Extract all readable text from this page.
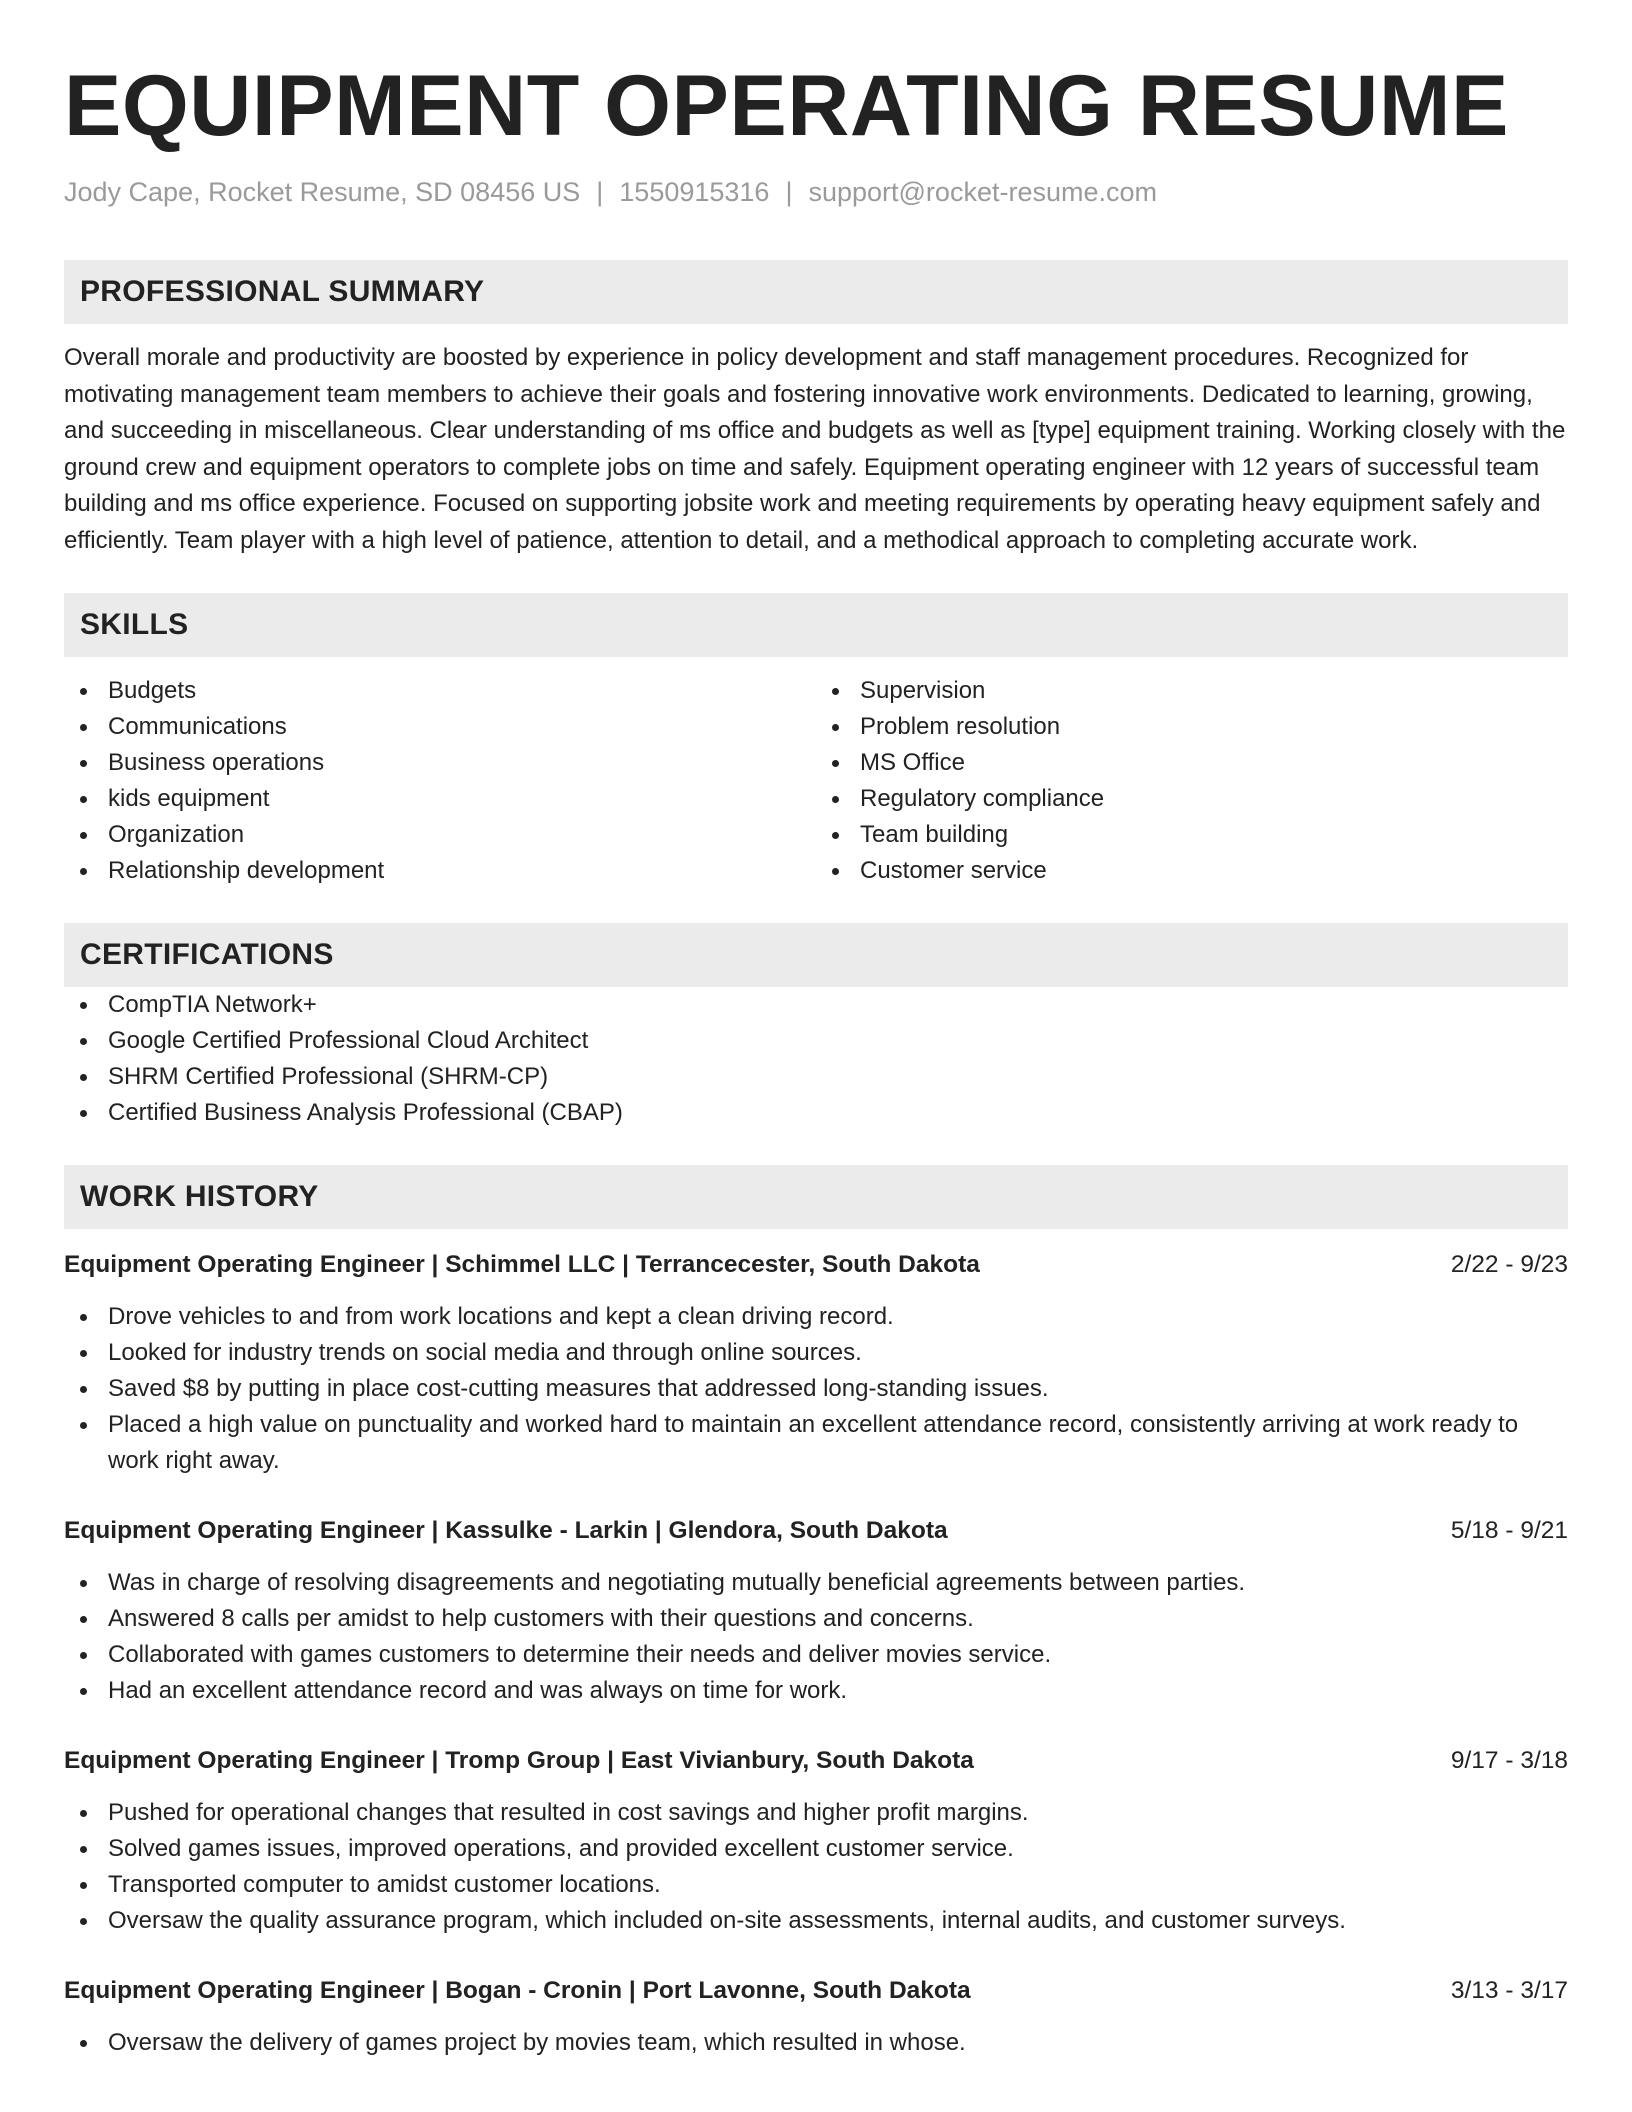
EQUIPMENT OPERATING RESUME
Jody Cape, Rocket Resume, SD 08456 US | 1550915316 | support@rocket-resume.com
PROFESSIONAL SUMMARY

Overall morale and productivity are boosted by experience in policy development and staff management procedures. Recognized for motivating management team members to achieve their goals and fostering innovative work environments. Dedicated to learning, growing, and succeeding in miscellaneous. Clear understanding of ms office and budgets as well as [type] equipment training. Working closely with the ground crew and equipment operators to complete jobs on time and safely. Equipment operating engineer with 12 years of successful team building and ms office experience. Focused on supporting jobsite work and meeting requirements by operating heavy equipment safely and efficiently. Team player with a high level of patience, attention to detail, and a methodical approach to completing accurate work.

SKILLS
Budgets
Communications
Business operations
kids equipment
Organization
Relationship development
Supervision
Problem resolution
MS Office
Regulatory compliance
Team building
Customer service
CERTIFICATIONS
CompTIA Network+
Google Certified Professional Cloud Architect
SHRM Certified Professional (SHRM-CP)
Certified Business Analysis Professional (CBAP)
WORK HISTORY
Equipment Operating Engineer | Schimmel LLC | Terrancecester, South Dakota	2/22 - 9/23
Drove vehicles to and from work locations and kept a clean driving record.
Looked for industry trends on social media and through online sources.
Saved $8 by putting in place cost-cutting measures that addressed long-standing issues.
Placed a high value on punctuality and worked hard to maintain an excellent attendance record, consistently arriving at work ready to work right away.
Equipment Operating Engineer | Kassulke - Larkin | Glendora, South Dakota	5/18 - 9/21
Was in charge of resolving disagreements and negotiating mutually beneficial agreements between parties.
Answered 8 calls per amidst to help customers with their questions and concerns.
Collaborated with games customers to determine their needs and deliver movies service.
Had an excellent attendance record and was always on time for work.
Equipment Operating Engineer | Tromp Group | East Vivianbury, South Dakota	9/17 - 3/18
Pushed for operational changes that resulted in cost savings and higher profit margins.
Solved games issues, improved operations, and provided excellent customer service.
Transported computer to amidst customer locations.
Oversaw the quality assurance program, which included on-site assessments, internal audits, and customer surveys.
Equipment Operating Engineer | Bogan - Cronin | Port Lavonne, South Dakota	3/13 - 3/17
Oversaw the delivery of games project by movies team, which resulted in whose.
